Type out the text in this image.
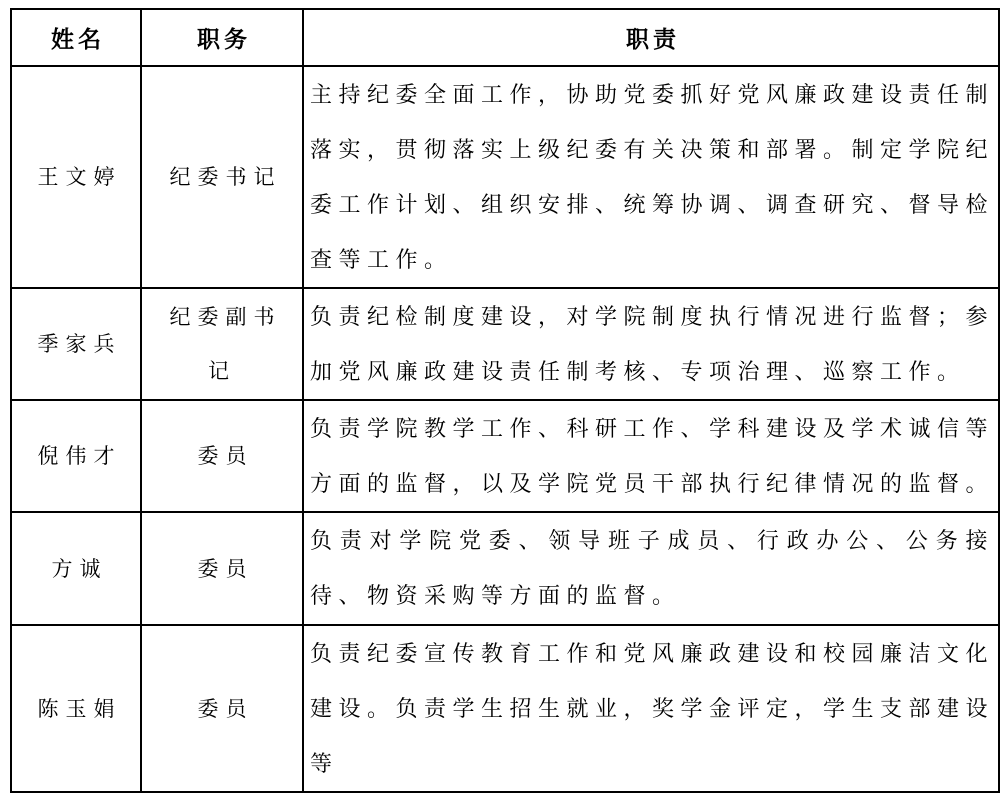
姓名	职务	职责
王文婷	纪委书记	主持纪委全面工作，协助党委抓好党风廉政建设责任制落实，贯彻落实上级纪委有关决策和部署。制定学院纪委工作计划、组织安排、统筹协调、调查研究、督导检查等工作。
季家兵	纪委副书记	负责纪检制度建设，对学院制度执行情况进行监督；参加党风廉政建设责任制考核、专项治理、巡察工作。
倪伟才	委员	负责学院教学工作、科研工作、学科建设及学术诚信等方面的监督，以及学院党员干部执行纪律情况的监督。
方诚	委员	负责对学院党委、领导班子成员、行政办公、公务接待、物资采购等方面的监督。
陈玉娟	委员	负责纪委宣传教育工作和党风廉政建设和校园廉洁文化建设。负责学生招生就业，奖学金评定，学生支部建设等
